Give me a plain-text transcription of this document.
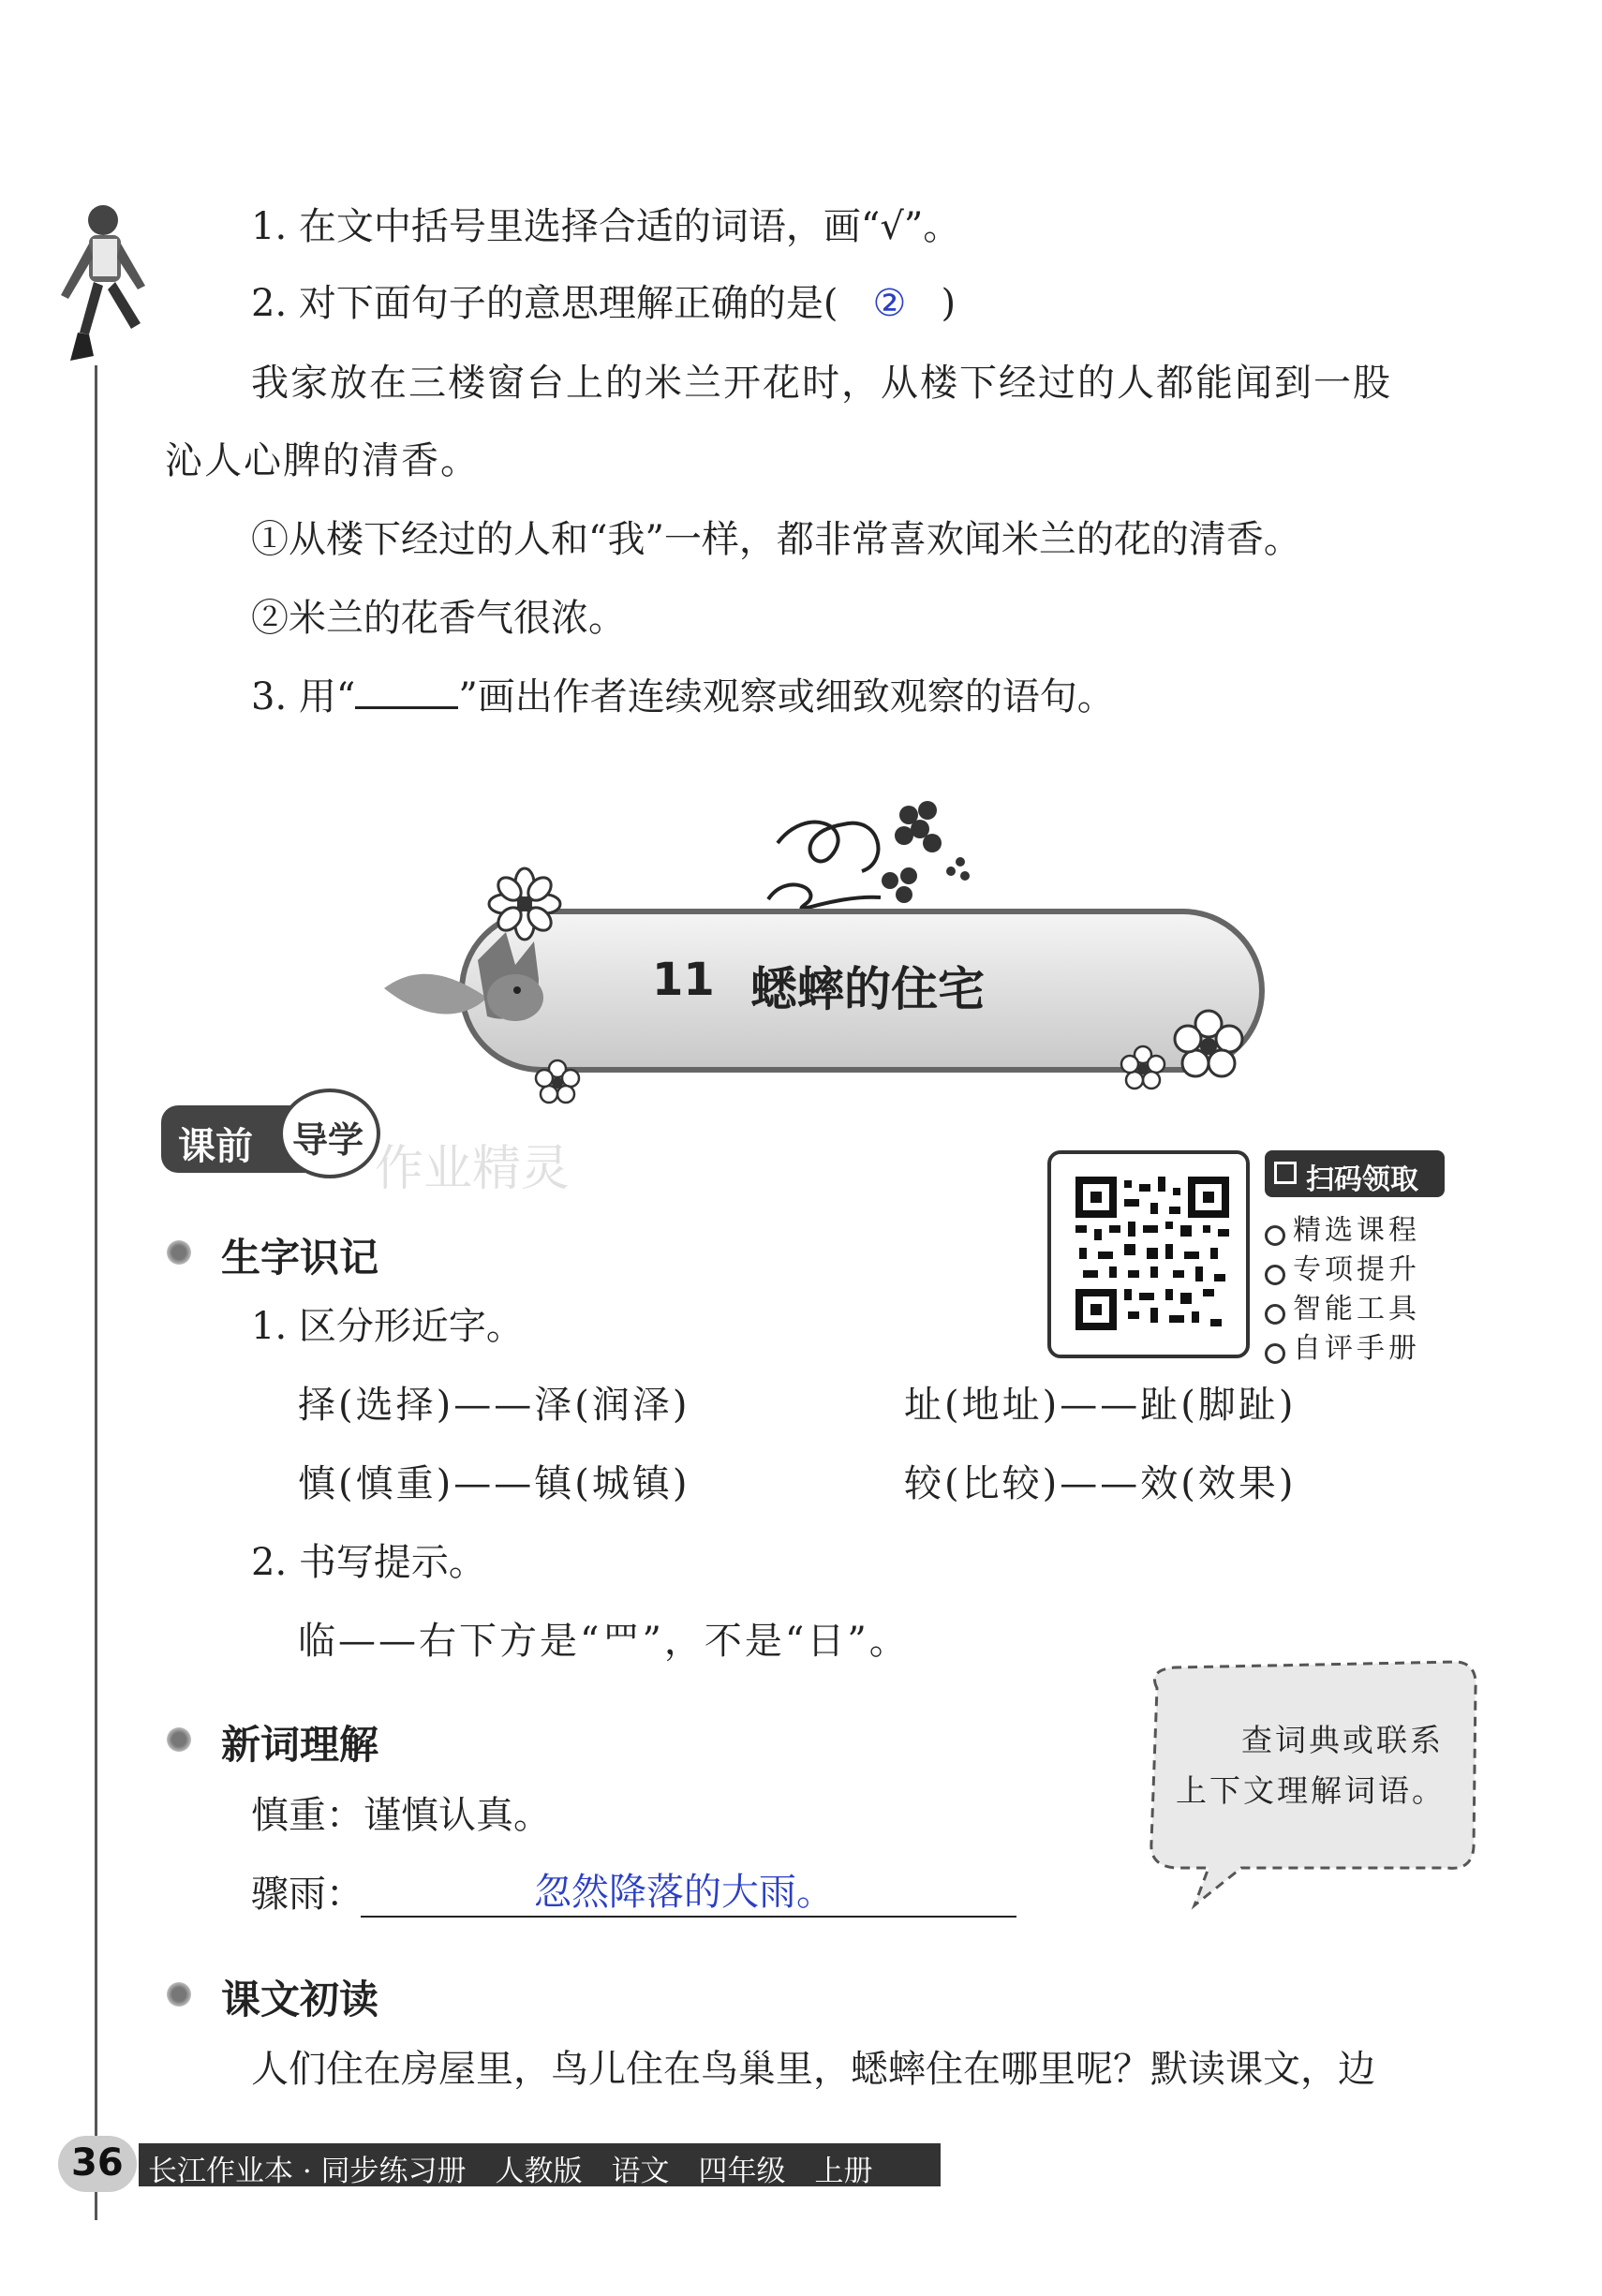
1. 在文中括号里选择合适的词语，画“√”。
2. 对下面句子的意思理解正确的是( ② )
我家放在三楼窗台上的米兰开花时，从楼下经过的人都能闻到一股
沁人心脾的清香。
①从楼下经过的人和“我”一样，都非常喜欢闻米兰的花的清香。
②米兰的花香气很浓。
3. 用“	”画出作者连续观察或细致观察的语句。
11 蟋蟀的住宅
课前 导学
作业精灵	扫码领取
精选课程
专项提升
智能工具
自评手册
生字识记
1. 区分形近字。
择(选择)——泽(润泽)	址(地址)——趾(脚趾)
慎(慎重)——镇(城镇)	较(比较)——效(效果)
2. 书写提示。
临——右下方是“罒”，不是“日”。
新词理解
慎重：谨慎认真。
骤雨：	忽然降落的大雨。
查词典或联系
上下文理解词语。
课文初读
人们住在房屋里，鸟儿住在鸟巢里，蟋蟀住在哪里呢？默读课文，边
36 长江作业本 · 同步练习册　人教版　语文　四年级　上册
